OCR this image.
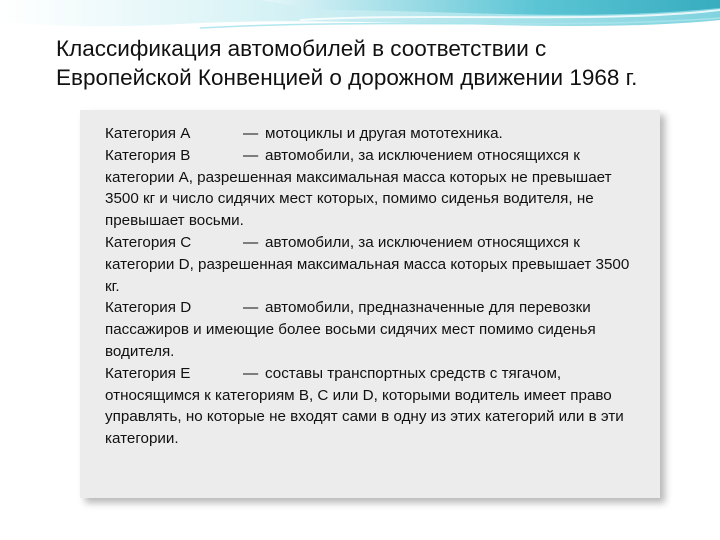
Классификация автомобилей в соответствии с
Европейской Конвенцией о дорожном движении 1968 г.

Категория A	— мотоциклы и другая мототехника.

Категория B	— автомобили, за исключением относящихся к категории A, разрешенная максимальная масса которых не превышает 3500 кг и число сидячих мест которых, помимо сиденья водителя, не превышает восьми.

Категория C	— автомобили, за исключением относящихся к категории D, разрешенная максимальная масса которых превышает 3500 кг.

Категория D	— автомобили, предназначенные для перевозки пассажиров и имеющие более восьми сидячих мест помимо сиденья водителя.

Категория E	— составы транспортных средств с тягачом, относящимся к категориям B, C или D, которыми водитель имеет право управлять, но которые не входят сами в одну из этих категорий или в эти категории.
